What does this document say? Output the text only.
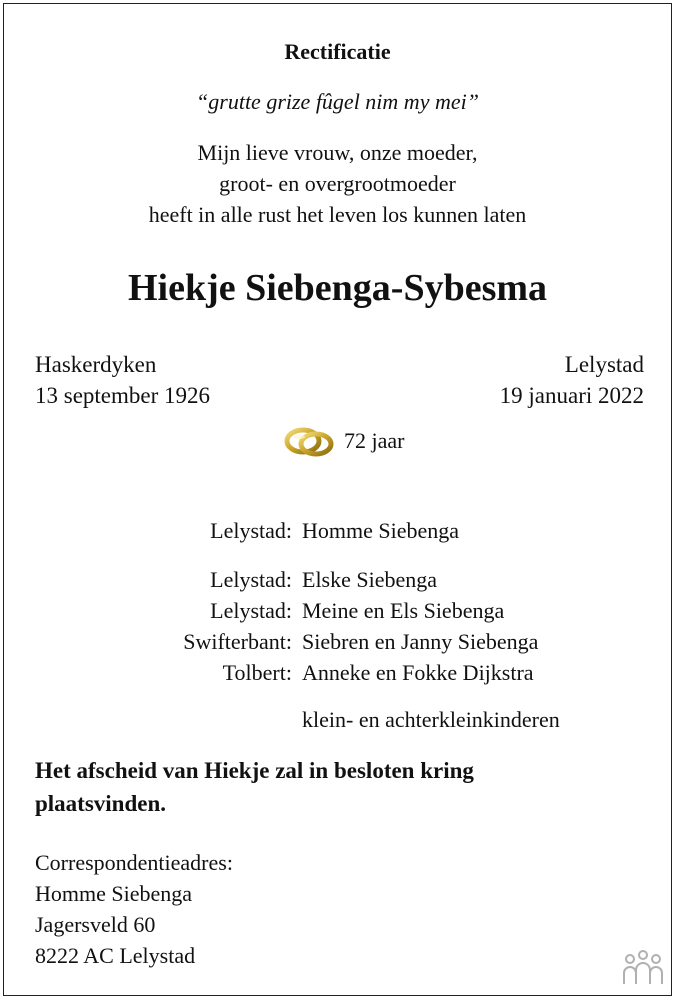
Rectificatie
“grutte grize fûgel nim my mei”
Mijn lieve vrouw, onze moeder,
groot- en overgrootmoeder
heeft in alle rust het leven los kunnen laten
Hiekje Siebenga-Sybesma
Haskerdyken
13 september 1926
Lelystad
19 januari 2022
72 jaar
Lelystad: Homme Siebenga
Lelystad: Elske Siebenga
Lelystad: Meine en Els Siebenga
Swifterbant: Siebren en Janny Siebenga
Tolbert: Anneke en Fokke Dijkstra
klein- en achterkleinkinderen
Het afscheid van Hiekje zal in besloten kring plaatsvinden.
Correspondentieadres:
Homme Siebenga
Jagersveld 60
8222 AC Lelystad
